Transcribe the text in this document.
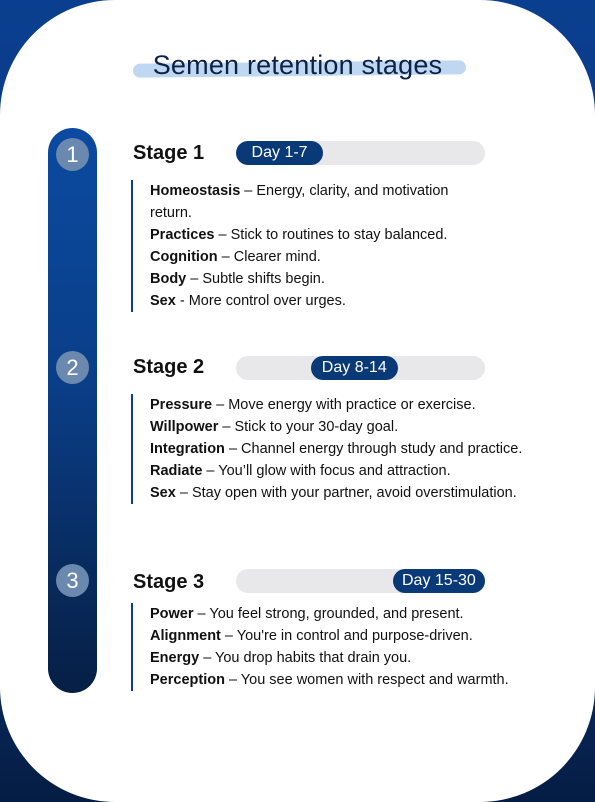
Semen retention stages
1	Stage 1	Day 1-7
Homeostasis – Energy, clarity, and motivation return.
Practices – Stick to routines to stay balanced.
Cognition – Clearer mind.
Body – Subtle shifts begin.
Sex - More control over urges.
2	Stage 2	Day 8-14
Pressure – Move energy with practice or exercise.
Willpower – Stick to your 30-day goal.
Integration – Channel energy through study and practice.
Radiate – You’ll glow with focus and attraction.
Sex – Stay open with your partner, avoid overstimulation.
3	Stage 3	Day 15-30
Power – You feel strong, grounded, and present.
Alignment – You're in control and purpose-driven.
Energy – You drop habits that drain you.
Perception – You see women with respect and warmth.
